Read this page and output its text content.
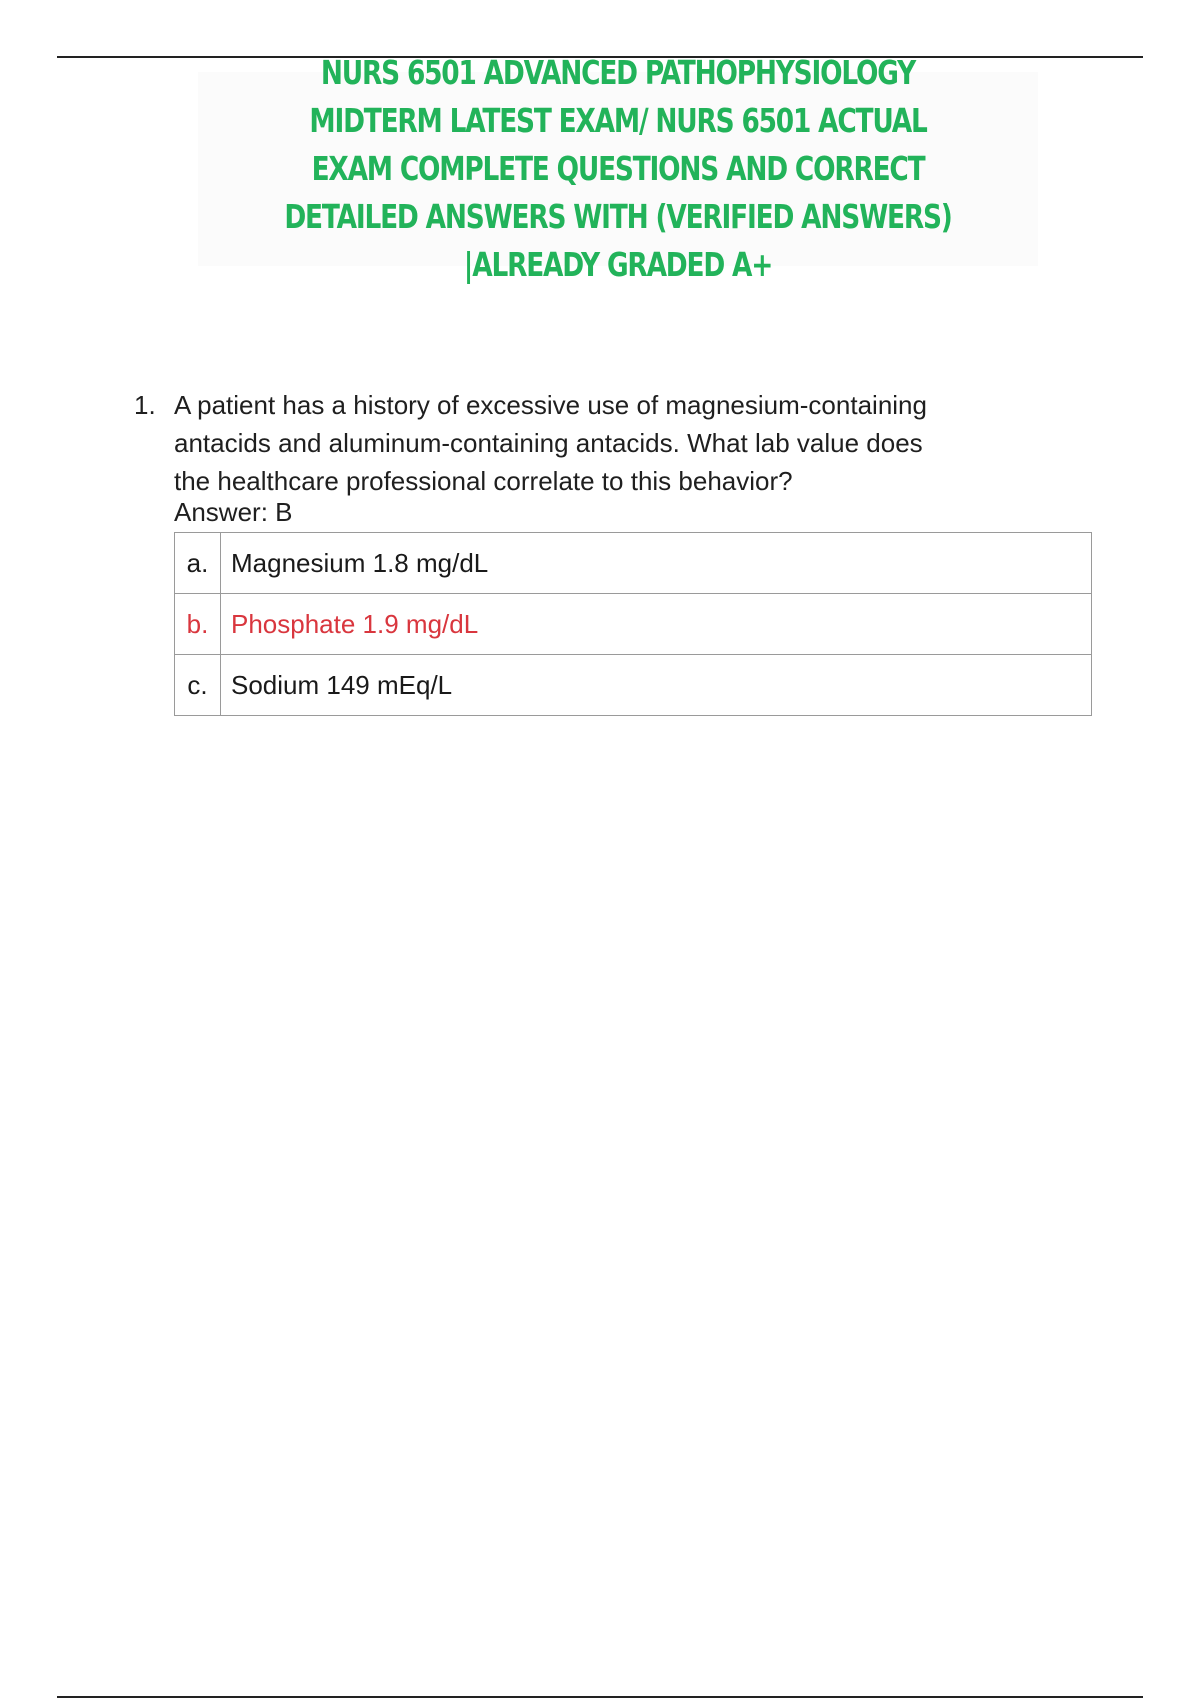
NURS 6501 ADVANCED PATHOPHYSIOLOGY MIDTERM LATEST EXAM/ NURS 6501 ACTUAL EXAM COMPLETE QUESTIONS AND CORRECT DETAILED ANSWERS WITH (VERIFIED ANSWERS) |ALREADY GRADED A+
1. A patient has a history of excessive use of magnesium-containing antacids and aluminum-containing antacids. What lab value does the healthcare professional correlate to this behavior?
Answer: B
a.	Magnesium 1.8 mg/dL
b.	Phosphate 1.9 mg/dL
c.	Sodium 149 mEq/L
